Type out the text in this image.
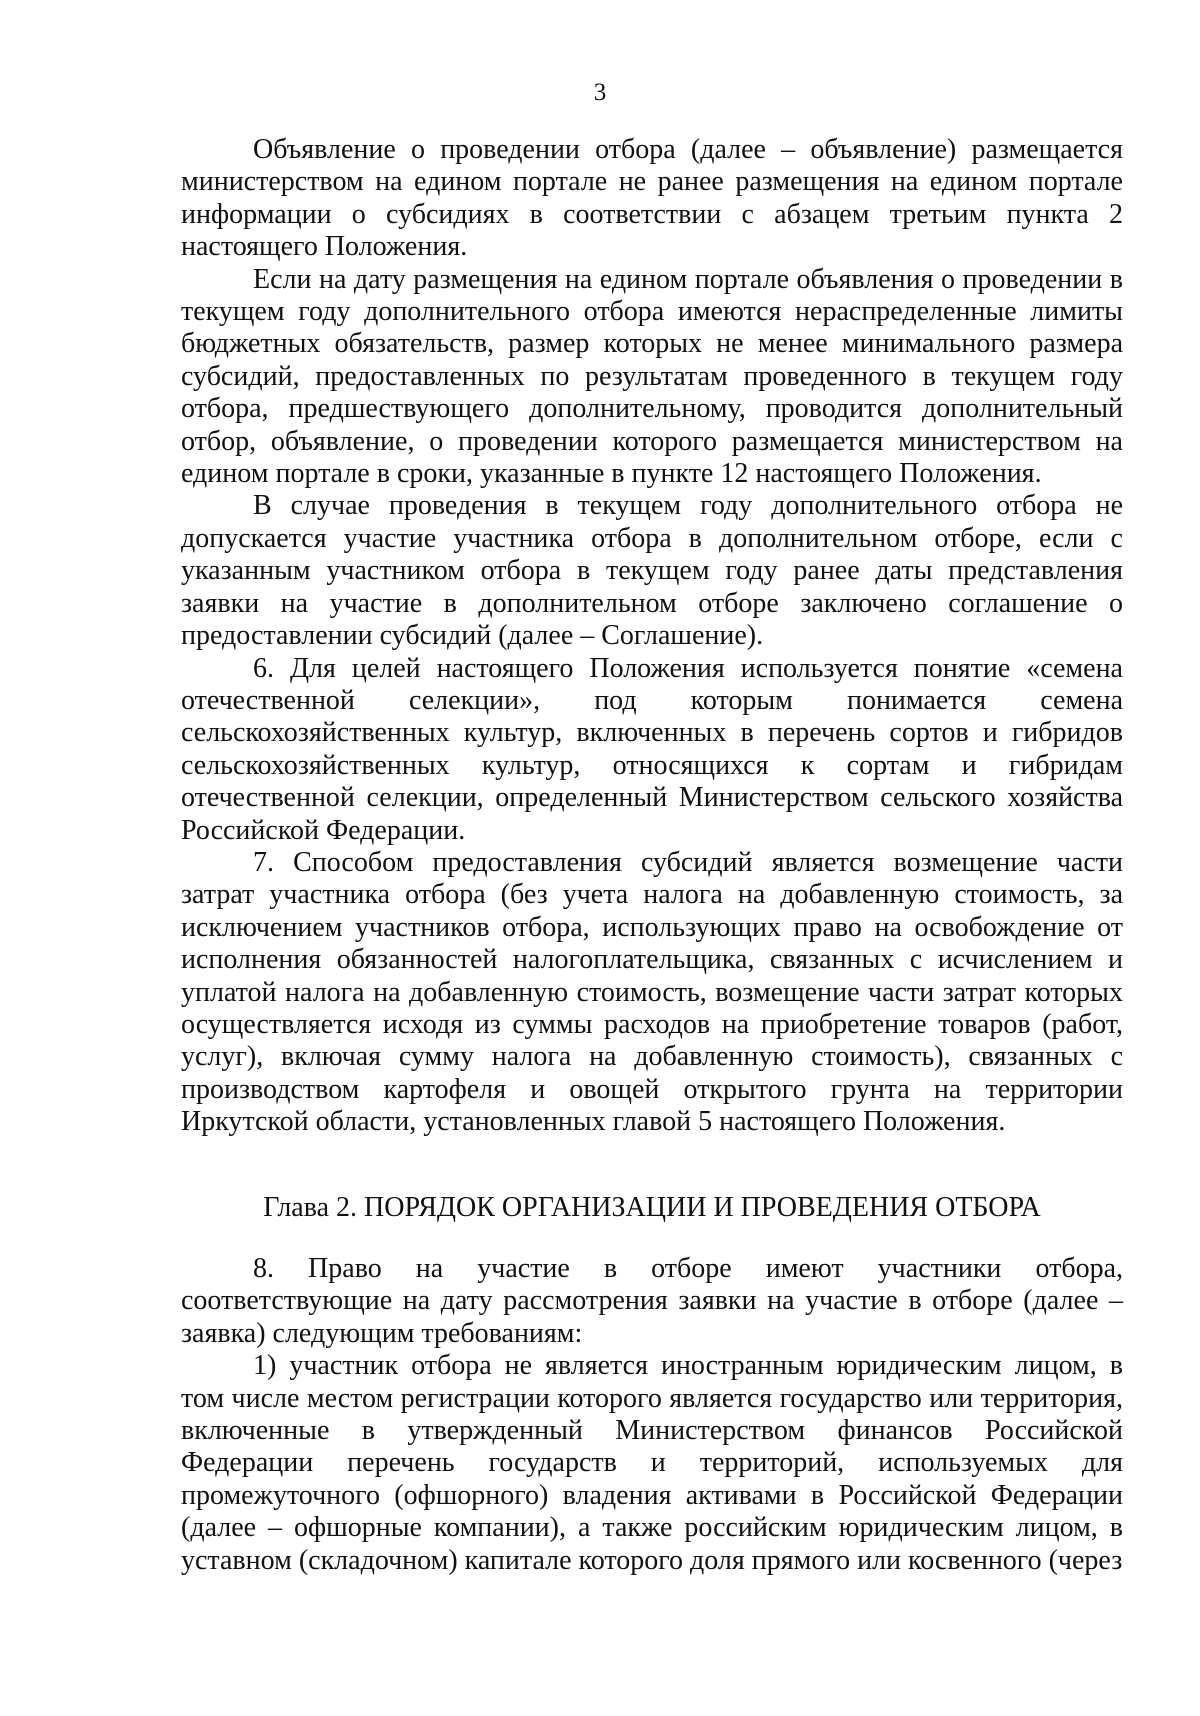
3

Объявление о проведении отбора (далее – объявление) размещается министерством на едином портале не ранее размещения на едином портале информации о субсидиях в соответствии с абзацем третьим пункта 2 настоящего Положения.

Если на дату размещения на едином портале объявления о проведении в текущем году дополнительного отбора имеются нераспределенные лимиты бюджетных обязательств, размер которых не менее минимального размера субсидий, предоставленных по результатам проведенного в текущем году отбора, предшествующего дополнительному, проводится дополнительный отбор, объявление, о проведении которого размещается министерством на едином портале в сроки, указанные в пункте 12 настоящего Положения.

В случае проведения в текущем году дополнительного отбора не допускается участие участника отбора в дополнительном отборе, если с указанным участником отбора в текущем году ранее даты представления заявки на участие в дополнительном отборе заключено соглашение о предоставлении субсидий (далее – Соглашение).

6. Для целей настоящего Положения используется понятие «семена отечественной селекции», под которым понимается семена сельскохозяйственных культур, включенных в перечень сортов и гибридов сельскохозяйственных культур, относящихся к сортам и гибридам отечественной селекции, определенный Министерством сельского хозяйства Российской Федерации.

7. Способом предоставления субсидий является возмещение части затрат участника отбора (без учета налога на добавленную стоимость, за исключением участников отбора, использующих право на освобождение от исполнения обязанностей налогоплательщика, связанных с исчислением и уплатой налога на добавленную стоимость, возмещение части затрат которых осуществляется исходя из суммы расходов на приобретение товаров (работ, услуг), включая сумму налога на добавленную стоимость), связанных с производством картофеля и овощей открытого грунта на территории Иркутской области, установленных главой 5 настоящего Положения.

Глава 2. ПОРЯДОК ОРГАНИЗАЦИИ И ПРОВЕДЕНИЯ ОТБОРА

8. Право на участие в отборе имеют участники отбора, соответствующие на дату рассмотрения заявки на участие в отборе (далее – заявка) следующим требованиям:

1) участник отбора не является иностранным юридическим лицом, в том числе местом регистрации которого является государство или территория, включенные в утвержденный Министерством финансов Российской Федерации перечень государств и территорий, используемых для промежуточного (офшорного) владения активами в Российской Федерации (далее – офшорные компании), а также российским юридическим лицом, в уставном (складочном) капитале которого доля прямого или косвенного (через
